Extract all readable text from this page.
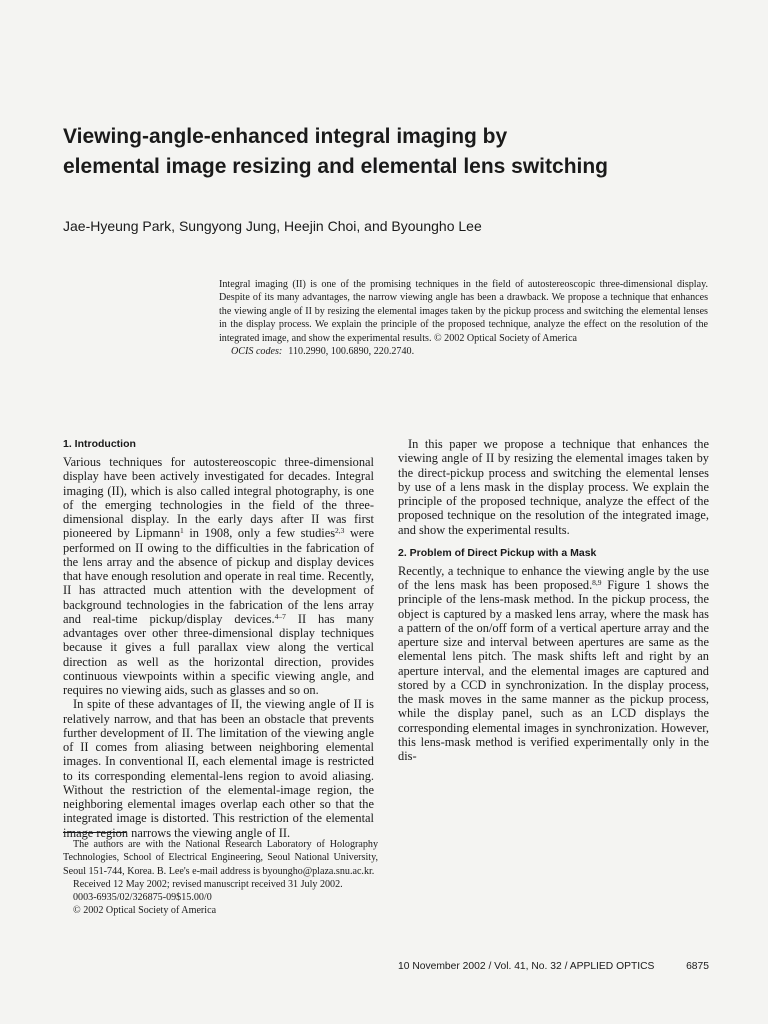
Viewing-angle-enhanced integral imaging by
elemental image resizing and elemental lens switching
Jae-Hyeung Park, Sungyong Jung, Heejin Choi, and Byoungho Lee
Integral imaging (II) is one of the promising techniques in the field of autostereoscopic three-dimensional display. Despite of its many advantages, the narrow viewing angle has been a drawback. We propose a technique that enhances the viewing angle of II by resizing the elemental images taken by the pickup process and switching the elemental lenses in the display process. We explain the principle of the proposed technique, analyze the effect on the resolution of the integrated image, and show the experimental results. © 2002 Optical Society of America
OCIS codes: 110.2990, 100.6890, 220.2740.
1. Introduction

Various techniques for autostereoscopic three-dimensional display have been actively investigated for decades. Integral imaging (II), which is also called integral photography, is one of the emerging technologies in the field of the three-dimensional display. In the early days after II was first pioneered by Lipmann$^1$ in 1908, only a few studies$^{2,3}$ were performed on II owing to the difficulties in the fabrication of the lens array and the absence of pickup and display devices that have enough resolution and operate in real time. Recently, II has attracted much attention with the development of background technologies in the fabrication of the lens array and real-time pickup/display devices.$^{4-7}$ II has many advantages over other three-dimensional display techniques because it gives a full parallax view along the vertical direction as well as the horizontal direction, provides continuous viewpoints within a specific viewing angle, and requires no viewing aids, such as glasses and so on.

In spite of these advantages of II, the viewing angle of II is relatively narrow, and that has been an obstacle that prevents further development of II. The limitation of the viewing angle of II comes from aliasing between neighboring elemental images. In conventional II, each elemental image is restricted to its corresponding elemental-lens region to avoid aliasing. Without the restriction of the elemental-image region, the neighboring elemental images overlap each other so that the integrated image is distorted. This restriction of the elemental image region narrows the viewing angle of II.

In this paper we propose a technique that enhances the viewing angle of II by resizing the elemental images taken by the direct-pickup process and switching the elemental lenses by use of a lens mask in the display process. We explain the principle of the proposed technique, analyze the effect of the proposed technique on the resolution of the integrated image, and show the experimental results.

2. Problem of Direct Pickup with a Mask

Recently, a technique to enhance the viewing angle by the use of the lens mask has been proposed.$^{8,9}$ Figure 1 shows the principle of the lens-mask method. In the pickup process, the object is captured by a masked lens array, where the mask has a pattern of the on/off form of a vertical aperture array and the aperture size and interval between apertures are same as the elemental lens pitch. The mask shifts left and right by an aperture interval, and the elemental images are captured and stored by a CCD in synchronization. In the display process, the mask moves in the same manner as the pickup process, while the display panel, such as an LCD displays the corresponding elemental images in synchronization. However, this lens-mask method is verified experimentally only in the dis-

The authors are with the National Research Laboratory of Holography Technologies, School of Electrical Engineering, Seoul National University, Seoul 151-744, Korea. B. Lee's e-mail address is byoungho@plaza.snu.ac.kr.
Received 12 May 2002; revised manuscript received 31 July 2002.
0003-6935/02/326875-09$15.00/0
© 2002 Optical Society of America
10 November 2002 / Vol. 41, No. 32 / APPLIED OPTICS	6875
